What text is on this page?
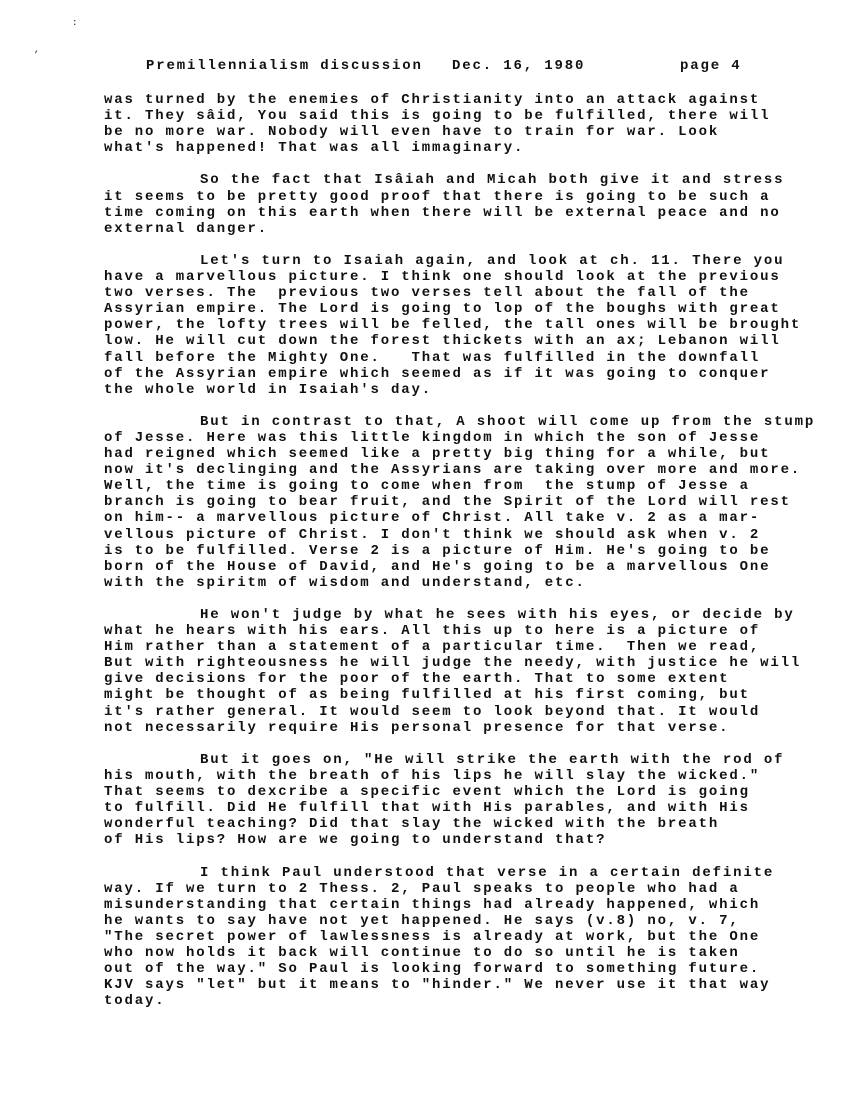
:
,
Premillennialism discussion Dec. 16, 1980	page 4
was turned by the enemies of Christianity into an attack against
it. They sâid, You said this is going to be fulfilled, there will
be no more war. Nobody will even have to train for war. Look
what's happened! That was all immaginary.
So the fact that Isâiah and Micah both give it and stress
it seems to be pretty good proof that there is going to be such a
time coming on this earth when there will be external peace and no
external danger.
Let's turn to Isaiah again, and look at ch. 11. There you
have a marvellous picture. I think one should look at the previous
two verses. The  previous two verses tell about the fall of the
Assyrian empire. The Lord is going to lop of the boughs with great
power, the lofty trees will be felled, the tall ones will be brought
low. He will cut down the forest thickets with an ax; Lebanon will
fall before the Mighty One.   That was fulfilled in the downfall
of the Assyrian empire which seemed as if it was going to conquer
the whole world in Isaiah's day.
But in contrast to that, A shoot will come up from the stump
of Jesse. Here was this little kingdom in which the son of Jesse
had reigned which seemed like a pretty big thing for a while, but
now it's declinging and the Assyrians are taking over more and more.
Well, the time is going to come when from  the stump of Jesse a
branch is going to bear fruit, and the Spirit of the Lord will rest
on him-- a marvellous picture of Christ. All take v. 2 as a mar-
vellous picture of Christ. I don't think we should ask when v. 2
is to be fulfilled. Verse 2 is a picture of Him. He's going to be
born of the House of David, and He's going to be a marvellous One
with the spiritm of wisdom and understand, etc.
He won't judge by what he sees with his eyes, or decide by
what he hears with his ears. All this up to here is a picture of
Him rather than a statement of a particular time.  Then we read,
But with righteousness he will judge the needy, with justice he will
give decisions for the poor of the earth. That to some extent
might be thought of as being fulfilled at his first coming, but
it's rather general. It would seem to look beyond that. It would
not necessarily require His personal presence for that verse.
But it goes on, "He will strike the earth with the rod of
his mouth, with the breath of his lips he will slay the wicked."
That seems to dexcribe a specific event which the Lord is going
to fulfill. Did He fulfill that with His parables, and with His
wonderful teaching? Did that slay the wicked with the breath
of His lips? How are we going to understand that?
I think Paul understood that verse in a certain definite
way. If we turn to 2 Thess. 2, Paul speaks to people who had a
misunderstanding that certain things had already happened, which
he wants to say have not yet happened. He says (v.8) no, v. 7,
"The secret power of lawlessness is already at work, but the One
who now holds it back will continue to do so until he is taken
out of the way." So Paul is looking forward to something future.
KJV says "let" but it means to "hinder." We never use it that way
today.
